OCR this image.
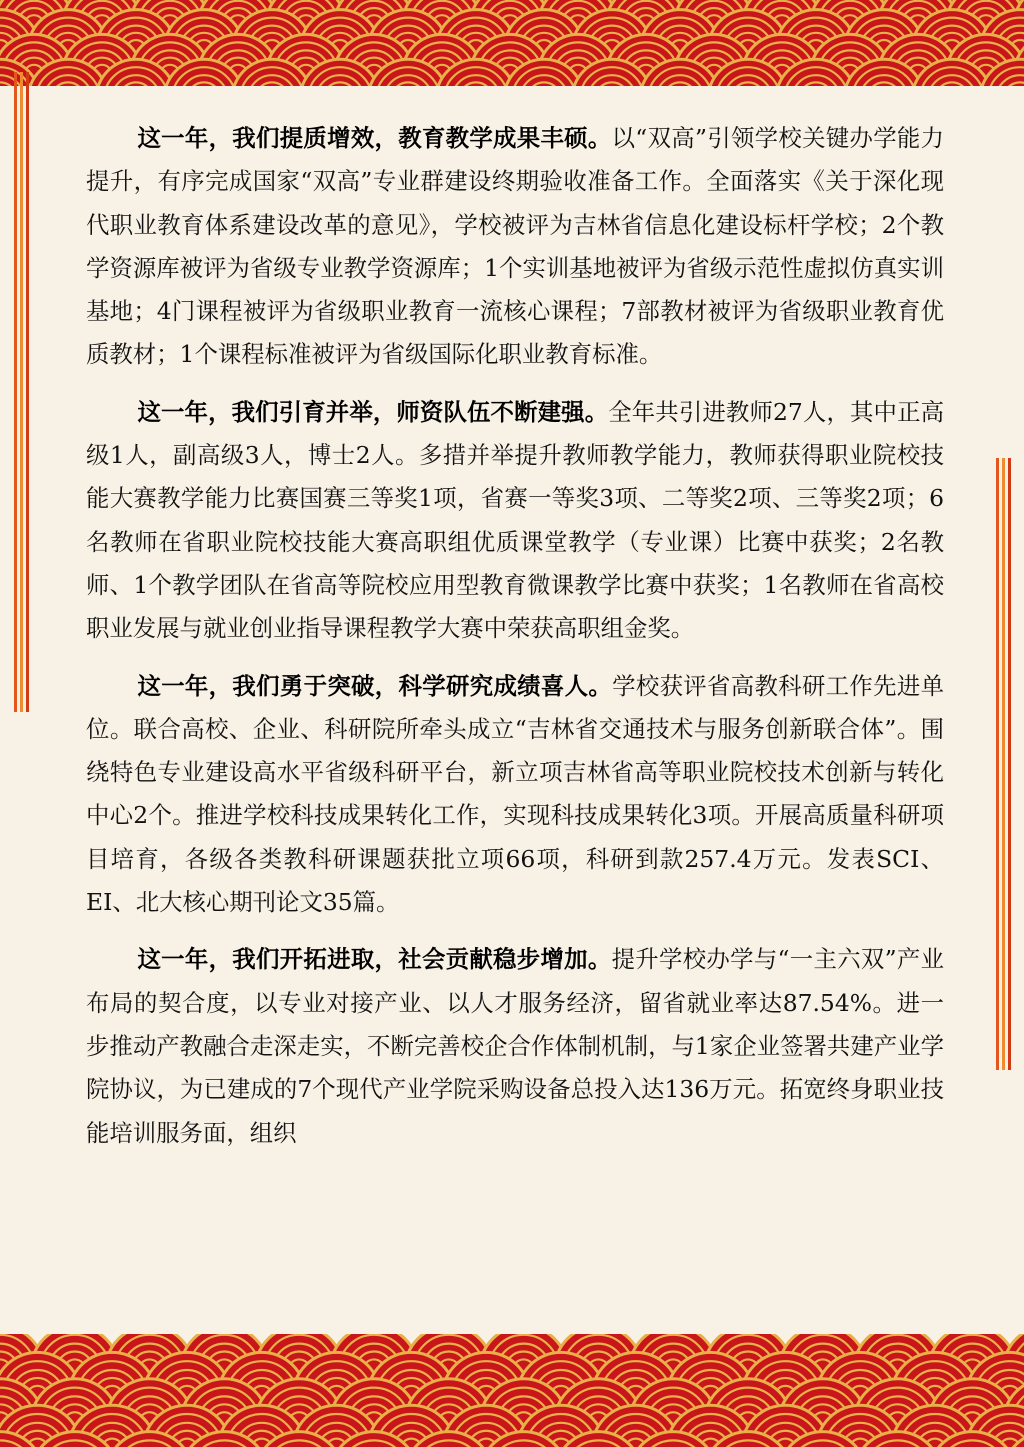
这一年，我们提质增效，教育教学成果丰硕。以“双高”引领学校关键办学能力提升，有序完成国家“双高”专业群建设终期验收准备工作。全面落实《关于深化现代职业教育体系建设改革的意见》，学校被评为吉林省信息化建设标杆学校；2个教学资源库被评为省级专业教学资源库；1个实训基地被评为省级示范性虚拟仿真实训基地；4门课程被评为省级职业教育一流核心课程；7部教材被评为省级职业教育优质教材；1个课程标准被评为省级国际化职业教育标准。

这一年，我们引育并举，师资队伍不断建强。全年共引进教师27人，其中正高级1人，副高级3人，博士2人。多措并举提升教师教学能力，教师获得职业院校技能大赛教学能力比赛国赛三等奖1项，省赛一等奖3项、二等奖2项、三等奖2项；6名教师在省职业院校技能大赛高职组优质课堂教学（专业课）比赛中获奖；2名教师、1个教学团队在省高等院校应用型教育微课教学比赛中获奖；1名教师在省高校职业发展与就业创业指导课程教学大赛中荣获高职组金奖。

这一年，我们勇于突破，科学研究成绩喜人。学校获评省高教科研工作先进单位。联合高校、企业、科研院所牵头成立“吉林省交通技术与服务创新联合体”。围绕特色专业建设高水平省级科研平台，新立项吉林省高等职业院校技术创新与转化中心2个。推进学校科技成果转化工作，实现科技成果转化3项。开展高质量科研项目培育，各级各类教科研课题获批立项66项，科研到款257.4万元。发表SCI、EI、北大核心期刊论文35篇。

这一年，我们开拓进取，社会贡献稳步增加。提升学校办学与“一主六双”产业布局的契合度，以专业对接产业、以人才服务经济，留省就业率达87.54%。进一步推动产教融合走深走实，不断完善校企合作体制机制，与1家企业签署共建产业学院协议，为已建成的7个现代产业学院采购设备总投入达136万元。拓宽终身职业技能培训服务面，组织
